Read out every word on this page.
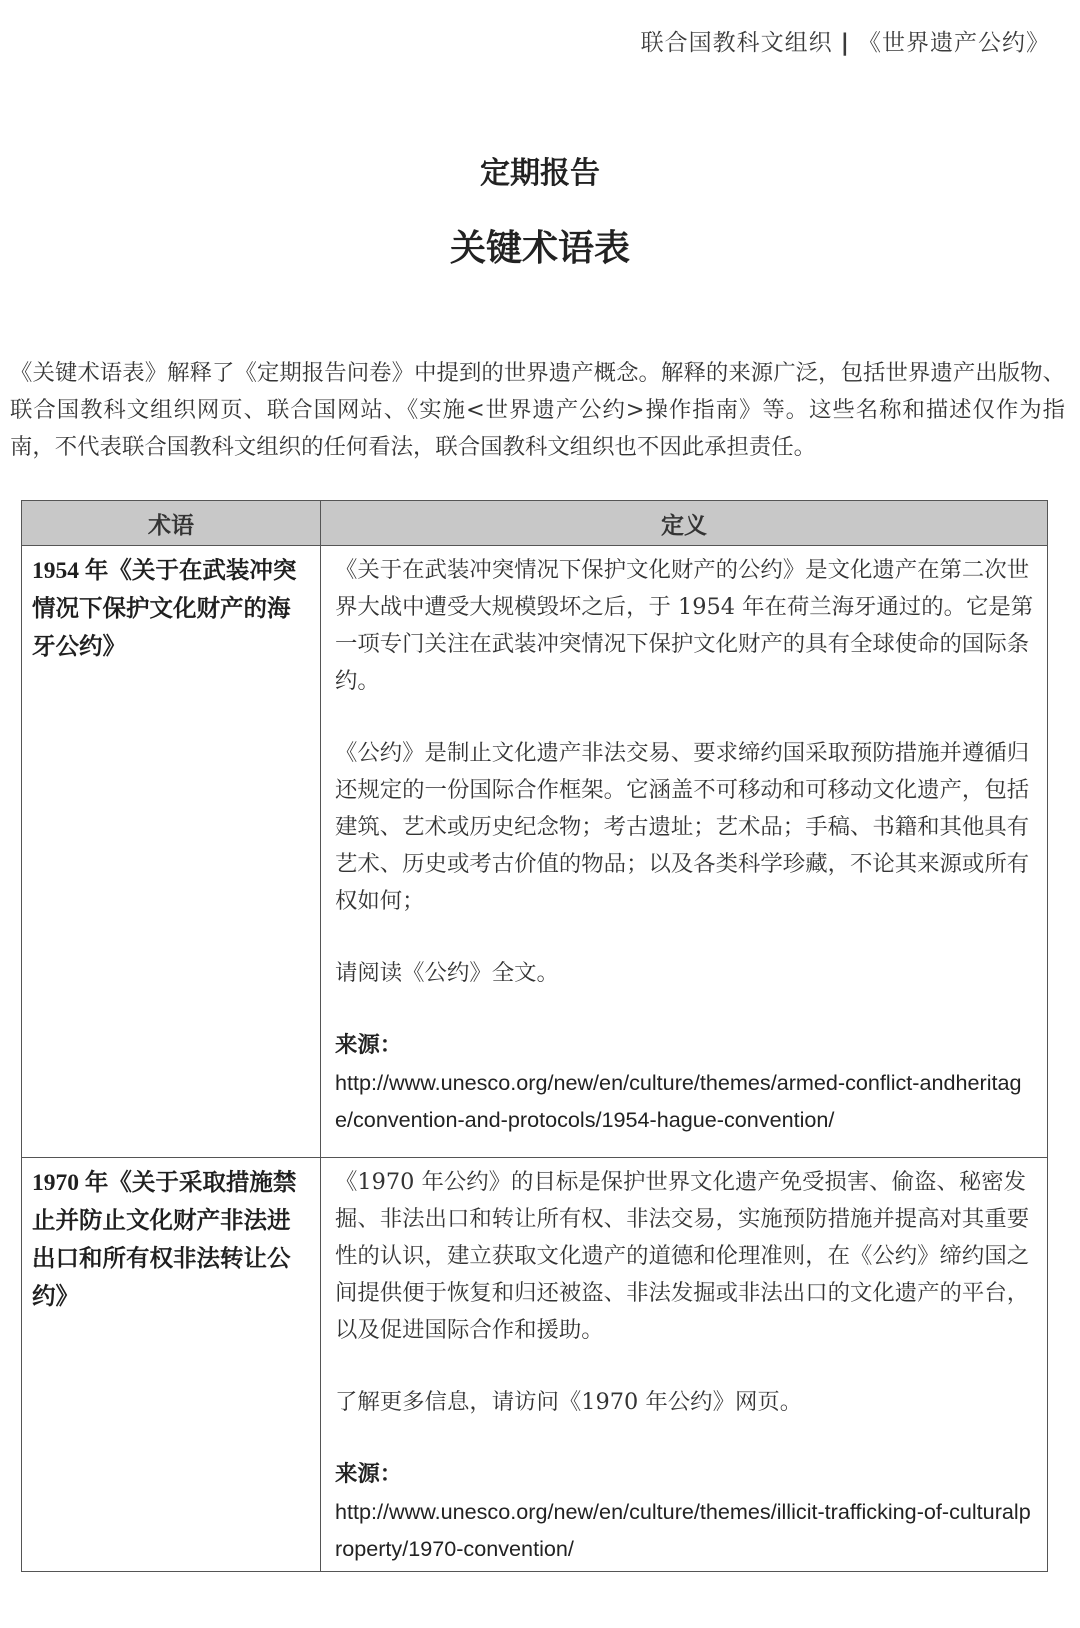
联合国教科文组织 | 《世界遗产公约》
定期报告
关键术语表
《关键术语表》解释了《定期报告问卷》中提到的世界遗产概念。解释的来源广泛，包括世界遗产出版物、联合国教科文组织网页、联合国网站、《实施<世界遗产公约>操作指南》等。这些名称和描述仅作为指南，不代表联合国教科文组织的任何看法，联合国教科文组织也不因此承担责任。
术语	定义
1954 年《关于在武装冲突情况下保护文化财产的海牙公约》	《关于在武装冲突情况下保护文化财产的公约》是文化遗产在第二次世界大战中遭受大规模毁坏之后，于 1954 年在荷兰海牙通过的。它是第一项专门关注在武装冲突情况下保护文化财产的具有全球使命的国际条约。

《公约》是制止文化遗产非法交易、要求缔约国采取预防措施并遵循归还规定的一份国际合作框架。它涵盖不可移动和可移动文化遗产，包括建筑、艺术或历史纪念物；考古遗址；艺术品；手稿、书籍和其他具有艺术、历史或考古价值的物品；以及各类科学珍藏，不论其来源或所有权如何；

请阅读《公约》全文。

来源：

http://www.unesco.org/new/en/culture/themes/armed-conflict-andheritage/convention-and-protocols/1954-hague-convention/

1970 年《关于采取措施禁止并防止文化财产非法进出口和所有权非法转让公约》	《1970 年公约》的目标是保护世界文化遗产免受损害、偷盗、秘密发掘、非法出口和转让所有权、非法交易，实施预防措施并提高对其重要性的认识，建立获取文化遗产的道德和伦理准则，在《公约》缔约国之间提供便于恢复和归还被盗、非法发掘或非法出口的文化遗产的平台，以及促进国际合作和援助。

了解更多信息，请访问《1970 年公约》网页。

来源：

http://www.unesco.org/new/en/culture/themes/illicit-trafficking-of-culturalproperty/1970-convention/
